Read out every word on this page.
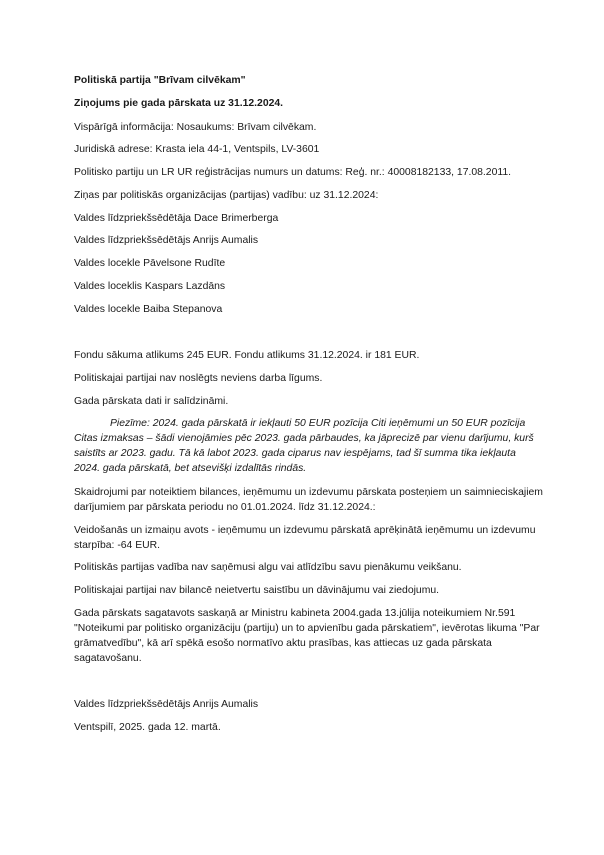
Politiskā partija "Brīvam cilvēkam"

Ziņojums pie gada pārskata uz 31.12.2024.

Vispārīgā informācija: Nosaukums: Brīvam cilvēkam.

Juridiskā adrese: Krasta iela 44-1, Ventspils, LV-3601

Politisko partiju un LR UR reģistrācijas numurs un datums: Reģ. nr.: 40008182133, 17.08.2011.

Ziņas par politiskās organizācijas (partijas) vadību: uz 31.12.2024:

Valdes līdzpriekšsēdētāja Dace Brimerberga

Valdes līdzpriekšsēdētājs Anrijs Aumalis

Valdes locekle Pāvelsone Rudīte

Valdes loceklis Kaspars Lazdāns

Valdes locekle Baiba Stepanova

Fondu sākuma atlikums 245 EUR. Fondu atlikums 31.12.2024. ir 181 EUR.

Politiskajai partijai nav noslēgts neviens darba līgums.

Gada pārskata dati ir salīdzināmi.

Piezīme: 2024. gada pārskatā ir iekļauti 50 EUR pozīcija Citi ieņēmumi un 50 EUR pozīcija Citas izmaksas – šādi vienojāmies pēc 2023. gada pārbaudes, ka jāprecizē par vienu darījumu, kurš saistīts ar 2023. gadu. Tā kā labot 2023. gada ciparus nav iespējams, tad šī summa tika iekļauta 2024. gada pārskatā, bet atsevišķi izdalītās rindās.

Skaidrojumi par noteiktiem bilances, ieņēmumu un izdevumu pārskata posteņiem un saimnieciskajiem darījumiem par pārskata periodu no 01.01.2024. līdz 31.12.2024.:

Veidošanās un izmaiņu avots - ieņēmumu un izdevumu pārskatā aprēķinātā ieņēmumu un izdevumu starpība: -64 EUR.

Politiskās partijas vadība nav saņēmusi algu vai atlīdzību savu pienākumu veikšanu.

Politiskajai partijai nav bilancē neietvertu saistību un dāvinājumu vai ziedojumu.

Gada pārskats sagatavots saskaņā ar Ministru kabineta 2004.gada 13.jūlija noteikumiem Nr.591 "Noteikumi par politisko organizāciju (partiju) un to apvienību gada pārskatiem", ievērotas likuma "Par grāmatvedību", kā arī spēkā esošo normatīvo aktu prasības, kas attiecas uz gada pārskata sagatavošanu.

Valdes līdzpriekšsēdētājs Anrijs Aumalis

Ventspilī, 2025. gada 12. martā.
